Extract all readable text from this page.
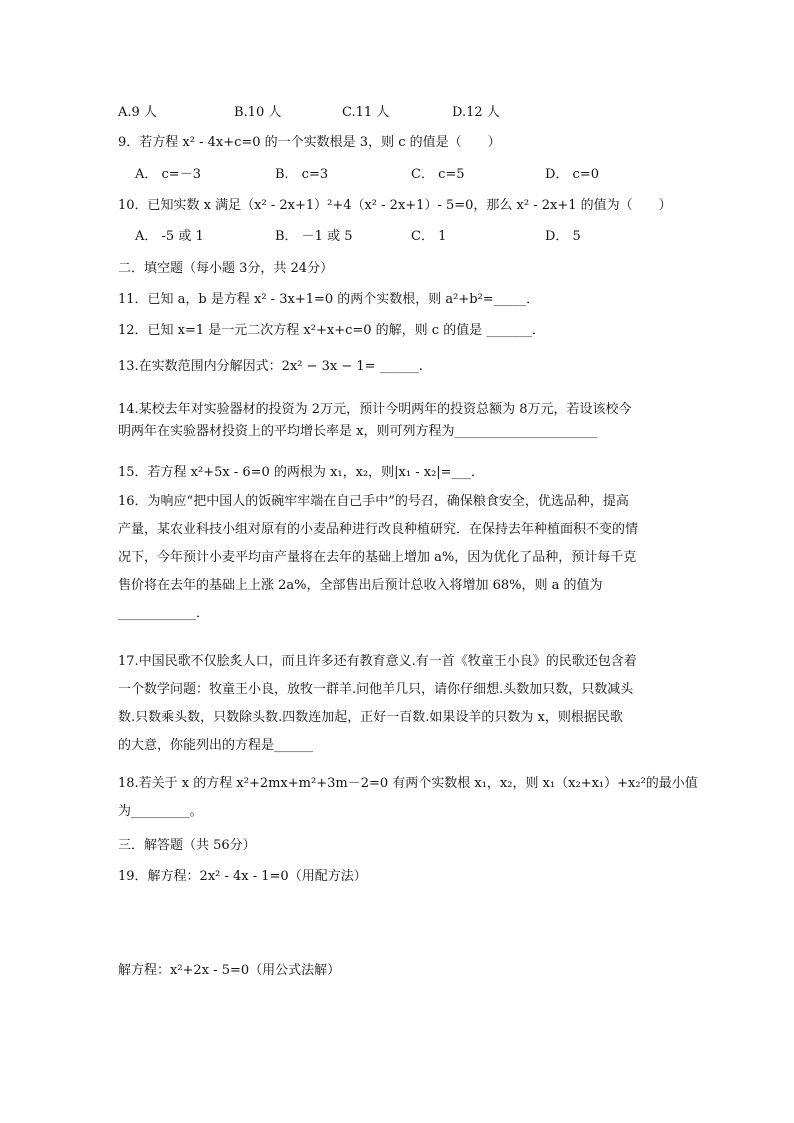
A.9 人	B.10 人	C.11 人	D.12 人
9．若方程 x² - 4x+c=0 的一个实数根是 3，则 c 的值是（　　）
A． c=－3	B． c=3	C． c=5	D． c=0
10．已知实数 x 满足（x² - 2x+1）²+4（x² - 2x+1）- 5=0，那么 x² - 2x+1 的值为（　　）
A． -5 或 1	B． －1 或 5	C． 1	D． 5
二．填空题（每小题 3分，共 24分）
11．已知 a，b 是方程 x² - 3x+1=0 的两个实数根，则 a²+b²=_____．
12．已知 x=1 是一元二次方程 x²+x+c=0 的解，则 c 的值是 _______．
13.在实数范围内分解因式：2x² − 3x − 1= ______.
14.某校去年对实验器材的投资为 2万元，预计今明两年的投资总额为 8万元，若设该校今
明两年在实验器材投资上的平均增长率是 x，则可列方程为______________________
15．若方程 x²+5x - 6=0 的两根为 x₁，x₂，则|x₁ - x₂|=___．
16．为响应“把中国人的饭碗牢牢端在自己手中”的号召，确保粮食安全，优选品种，提高
产量，某农业科技小组对原有的小麦品种进行改良种植研究．在保持去年种植面积不变的情
况下，今年预计小麦平均亩产量将在去年的基础上增加 a%，因为优化了品种，预计每千克
售价将在去年的基础上上涨 2a%，全部售出后预计总收入将增加 68%，则 a 的值为
____________．
17.中国民歌不仅脍炙人口，而且许多还有教育意义.有一首《牧童王小良》的民歌还包含着
一个数学问题：牧童王小良，放牧一群羊.问他羊几只，请你仔细想.头数加只数，只数减头
数.只数乘头数，只数除头数.四数连加起，正好一百数.如果设羊的只数为 x，则根据民歌
的大意，你能列出的方程是______
18.若关于 x 的方程 x²+2mx+m²+3m－2=0 有两个实数根 x₁，x₂，则 x₁（x₂+x₁）+x₂²的最小值
为_________。
三．解答题（共 56分）
19．解方程：2x² - 4x - 1=0（用配方法）
解方程：x²+2x - 5=0（用公式法解）
